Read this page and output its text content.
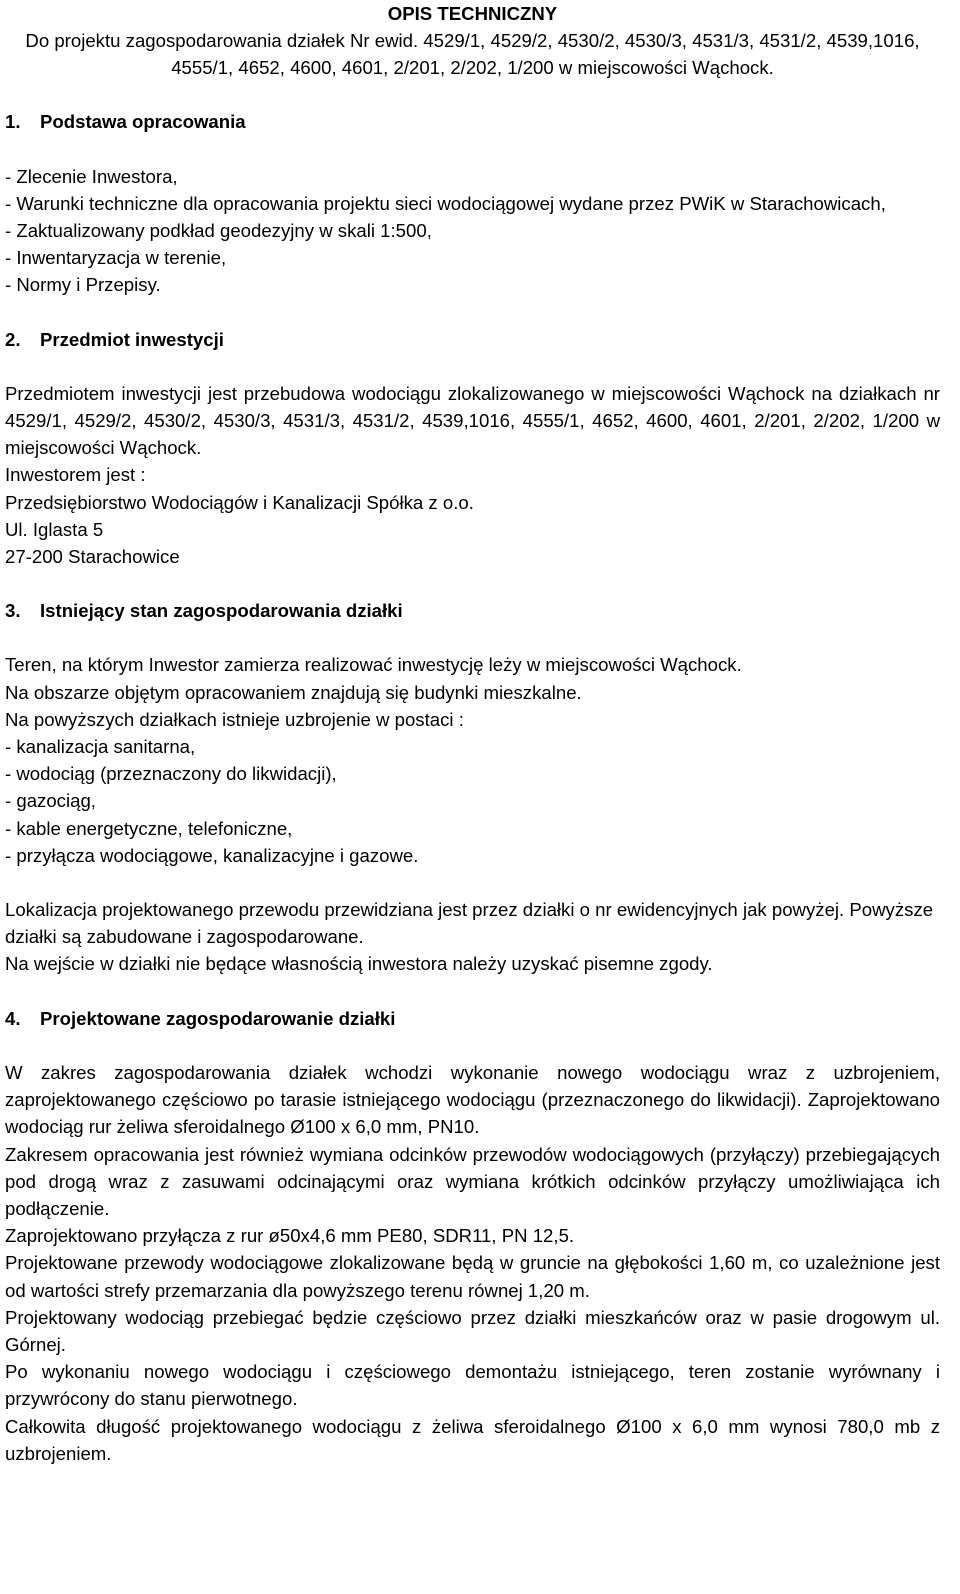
OPIS TECHNICZNY

Do projektu zagospodarowania działek Nr ewid. 4529/1, 4529/2, 4530/2, 4530/3, 4531/3, 4531/2, 4539,1016, 4555/1, 4652, 4600, 4601, 2/201, 2/202, 1/200 w miejscowości Wąchock.

1. Podstawa opracowania

- Zlecenie Inwestora,

- Warunki techniczne dla opracowania projektu sieci wodociągowej wydane przez PWiK w Starachowicach,

- Zaktualizowany podkład geodezyjny w skali 1:500,

- Inwentaryzacja w terenie,

- Normy i Przepisy.

2. Przedmiot inwestycji

Przedmiotem inwestycji jest przebudowa wodociągu zlokalizowanego w miejscowości Wąchock na działkach nr 4529/1, 4529/2, 4530/2, 4530/3, 4531/3, 4531/2, 4539,1016, 4555/1, 4652, 4600, 4601, 2/201, 2/202, 1/200 w miejscowości Wąchock.

Inwestorem jest :

Przedsiębiorstwo Wodociągów i Kanalizacji Spółka z o.o.

Ul. Iglasta 5

27-200 Starachowice

3. Istniejący stan zagospodarowania działki

Teren, na którym Inwestor zamierza realizować inwestycję leży w miejscowości Wąchock.

Na obszarze objętym opracowaniem znajdują się budynki mieszkalne.

Na powyższych działkach istnieje uzbrojenie w postaci :

- kanalizacja sanitarna,

- wodociąg (przeznaczony do likwidacji),

- gazociąg,

- kable energetyczne, telefoniczne,

- przyłącza wodociągowe, kanalizacyjne i gazowe.

Lokalizacja projektowanego przewodu przewidziana jest przez działki o nr ewidencyjnych jak powyżej. Powyższe działki są zabudowane i zagospodarowane.

Na wejście w działki nie będące własnością inwestora należy uzyskać pisemne zgody.

4. Projektowane zagospodarowanie działki

W zakres zagospodarowania działek wchodzi wykonanie nowego wodociągu wraz z uzbrojeniem, zaprojektowanego częściowo po tarasie istniejącego wodociągu (przeznaczonego do likwidacji). Zaprojektowano wodociąg rur żeliwa sferoidalnego Ø100 x 6,0 mm, PN10.

Zakresem opracowania jest również wymiana odcinków przewodów wodociągowych (przyłączy) przebiegających pod drogą wraz z zasuwami odcinającymi oraz wymiana krótkich odcinków przyłączy umożliwiająca ich podłączenie.

Zaprojektowano przyłącza z rur ø50x4,6 mm PE80, SDR11, PN 12,5.

Projektowane przewody wodociągowe zlokalizowane będą w gruncie na głębokości 1,60 m, co uzależnione jest od wartości strefy przemarzania dla powyższego terenu równej 1,20 m.

Projektowany wodociąg przebiegać będzie częściowo przez działki mieszkańców oraz w pasie drogowym ul. Górnej.

Po wykonaniu nowego wodociągu i częściowego demontażu istniejącego, teren zostanie wyrównany i przywrócony do stanu pierwotnego.

Całkowita długość projektowanego wodociągu z żeliwa sferoidalnego Ø100 x 6,0 mm wynosi 780,0 mb z uzbrojeniem.
